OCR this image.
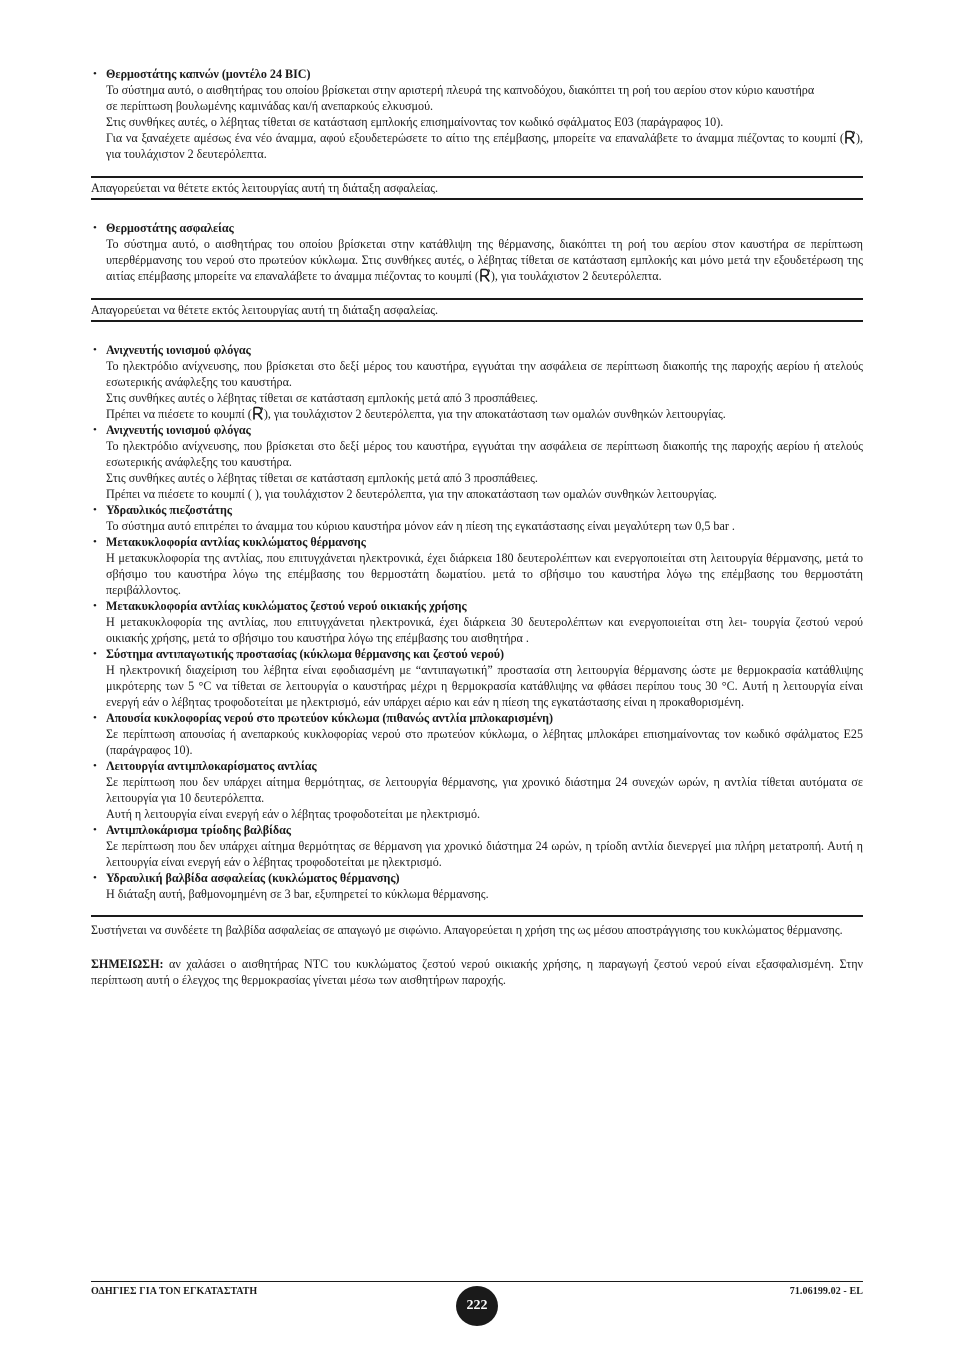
• Θερμοστάτης καπνών (μοντέλο 24 BIC)

Το σύστημα αυτό, ο αισθητήρας του οποίου βρίσκεται στην αριστερή πλευρά της καπνοδόχου, διακόπτει τη ροή του αερίου στον κύριο καυστήρα

σε περίπτωση βουλωμένης καμινάδας και/ή ανεπαρκούς ελκυσμού.

Στις συνθήκες αυτές, ο λέβητας τίθεται σε κατάσταση εμπλοκής επισημαίνοντας τον κωδικό σφάλματος E03 (παράγραφος 10).

Για να ξαναέχετε αμέσως ένα νέο άναμμα, αφού εξουδετερώσετε το αίτιο της επέμβασης, μπορείτε να επαναλάβετε το άναμμα πιέζοντας το κουμπί ( ), για τουλάχιστον 2 δευτερόλεπτα.

Απαγορεύεται να θέτετε εκτός λειτουργίας αυτή τη διάταξη ασφαλείας.

• Θερμοστάτης ασφαλείας

Το σύστημα αυτό, ο αισθητήρας του οποίου βρίσκεται στην κατάθλιψη της θέρμανσης, διακόπτει τη ροή του αερίου στον καυστήρα σε περίπτωση υπερθέρμανσης του νερού στο πρωτεύον κύκλωμα. Στις συνθήκες αυτές, ο λέβητας τίθεται σε κατάσταση εμπλοκής και μόνο μετά την εξουδετέρωση της αιτίας επέμβασης μπορείτε να επαναλάβετε το άναμμα πιέζοντας το κουμπί ( ), για τουλάχιστον 2 δευτερόλεπτα.

Απαγορεύεται να θέτετε εκτός λειτουργίας αυτή τη διάταξη ασφαλείας.

• Ανιχνευτής ιονισμού φλόγας

Το ηλεκτρόδιο ανίχνευσης, που βρίσκεται στο δεξί μέρος του καυστήρα, εγγυάται την ασφάλεια σε περίπτωση διακοπής της παροχής αερίου ή ατελούς εσωτερικής ανάφλεξης του καυστήρα.

Στις συνθήκες αυτές ο λέβητας τίθεται σε κατάσταση εμπλοκής μετά από 3 προσπάθειες.

Πρέπει να πιέσετε το κουμπί ( ), για τουλάχιστον 2 δευτερόλεπτα, για την αποκατάσταση των ομαλών συνθηκών λειτουργίας.

• Ανιχνευτής ιονισμού φλόγας

Το ηλεκτρόδιο ανίχνευσης, που βρίσκεται στο δεξί μέρος του καυστήρα, εγγυάται την ασφάλεια σε περίπτωση διακοπής της παροχής αερίου ή ατελούς εσωτερικής ανάφλεξης του καυστήρα.

Στις συνθήκες αυτές ο λέβητας τίθεται σε κατάσταση εμπλοκής μετά από 3 προσπάθειες.

Πρέπει να πιέσετε το κουμπί ( ), για τουλάχιστον 2 δευτερόλεπτα, για την αποκατάσταση των ομαλών συνθηκών λειτουργίας.

• Υδραυλικός πιεζοστάτης

Το σύστημα αυτό επιτρέπει το άναμμα του κύριου καυστήρα μόνον εάν η πίεση της εγκατάστασης είναι μεγαλύτερη των 0,5 bar .

• Μετακυκλοφορία αντλίας κυκλώματος θέρμανσης

Η μετακυκλοφορία της αντλίας, που επιτυγχάνεται ηλεκτρονικά, έχει διάρκεια 180 δευτερολέπτων και ενεργοποιείται στη λειτουργία θέρμανσης, μετά το σβήσιμο του καυστήρα λόγω της επέμβασης του θερμοστάτη δωματίου. μετά το σβήσιμο του καυστήρα λόγω της επέμβασης του θερμοστάτη περιβάλλοντος.

• Μετακυκλοφορία αντλίας κυκλώματος ζεστού νερού οικιακής χρήσης

Η μετακυκλοφορία της αντλίας, που επιτυγχάνεται ηλεκτρονικά, έχει διάρκεια 30 δευτερολέπτων και ενεργοποιείται στη λει- τουργία ζεστού νερού οικιακής χρήσης, μετά το σβήσιμο του καυστήρα λόγω της επέμβασης του αισθητήρα .

• Σύστημα αντιπαγωτικής προστασίας (κύκλωμα θέρμανσης και ζεστού νερού)

Η ηλεκτρονική διαχείριση του λέβητα είναι εφοδιασμένη με “αντιπαγωτική” προστασία στη λειτουργία θέρμανσης ώστε με θερμοκρασία κατάθλιψης μικρότερης των 5 °C να τίθεται σε λειτουργία ο καυστήρας μέχρι η θερμοκρασία κατάθλιψης να φθάσει περίπου τους 30 °C. Αυτή η λειτουργία είναι ενεργή εάν ο λέβητας τροφοδοτείται με ηλεκτρισμό, εάν υπάρχει αέριο και εάν η πίεση της εγκατάστασης είναι η προκαθορισμένη.

• Απουσία κυκλοφορίας νερού στο πρωτεύον κύκλωμα (πιθανώς αντλία μπλοκαρισμένη)

Σε περίπτωση απουσίας ή ανεπαρκούς κυκλοφορίας νερού στο πρωτεύον κύκλωμα, ο λέβητας μπλοκάρει επισημαίνοντας τον κωδικό σφάλματος E25 (παράγραφος 10).

• Λειτουργία αντιμπλοκαρίσματος αντλίας

Σε περίπτωση που δεν υπάρχει αίτημα θερμότητας, σε λειτουργία θέρμανσης, για χρονικό διάστημα 24 συνεχών ωρών, η αντλία τίθεται αυτόματα σε λειτουργία για 10 δευτερόλεπτα.

Αυτή η λειτουργία είναι ενεργή εάν ο λέβητας τροφοδοτείται με ηλεκτρισμό.

• Αντιμπλοκάρισμα τρίοδης βαλβίδας

Σε περίπτωση που δεν υπάρχει αίτημα θερμότητας σε θέρμανση για χρονικό διάστημα 24 ωρών, η τρίοδη αντλία διενεργεί μια πλήρη μετατροπή. Αυτή η λειτουργία είναι ενεργή εάν ο λέβητας τροφοδοτείται με ηλεκτρισμό.

• Υδραυλική βαλβίδα ασφαλείας (κυκλώματος θέρμανσης)

Η διάταξη αυτή, βαθμονομημένη σε 3 bar, εξυπηρετεί το κύκλωμα θέρμανσης.

Συστήνεται να συνδέετε τη βαλβίδα ασφαλείας σε απαγωγό με σιφώνιο. Απαγορεύεται η χρήση της ως μέσου αποστράγγισης του κυκλώματος θέρμανσης.

ΣΗΜΕΙΩΣΗ: αν χαλάσει ο αισθητήρας NTC του κυκλώματος ζεστού νερού οικιακής χρήσης, η παραγωγή ζεστού νερού είναι εξασφαλισμένη. Στην περίπτωση αυτή ο έλεγχος της θερμοκρασίας γίνεται μέσω των αισθητήρων παροχής.

ΟΔΗΓΙΕΣ ΓΙΑ ΤΟΝ ΕΓΚΑΤΑΣΤΑΤΗ	71.06199.02 - EL
222
